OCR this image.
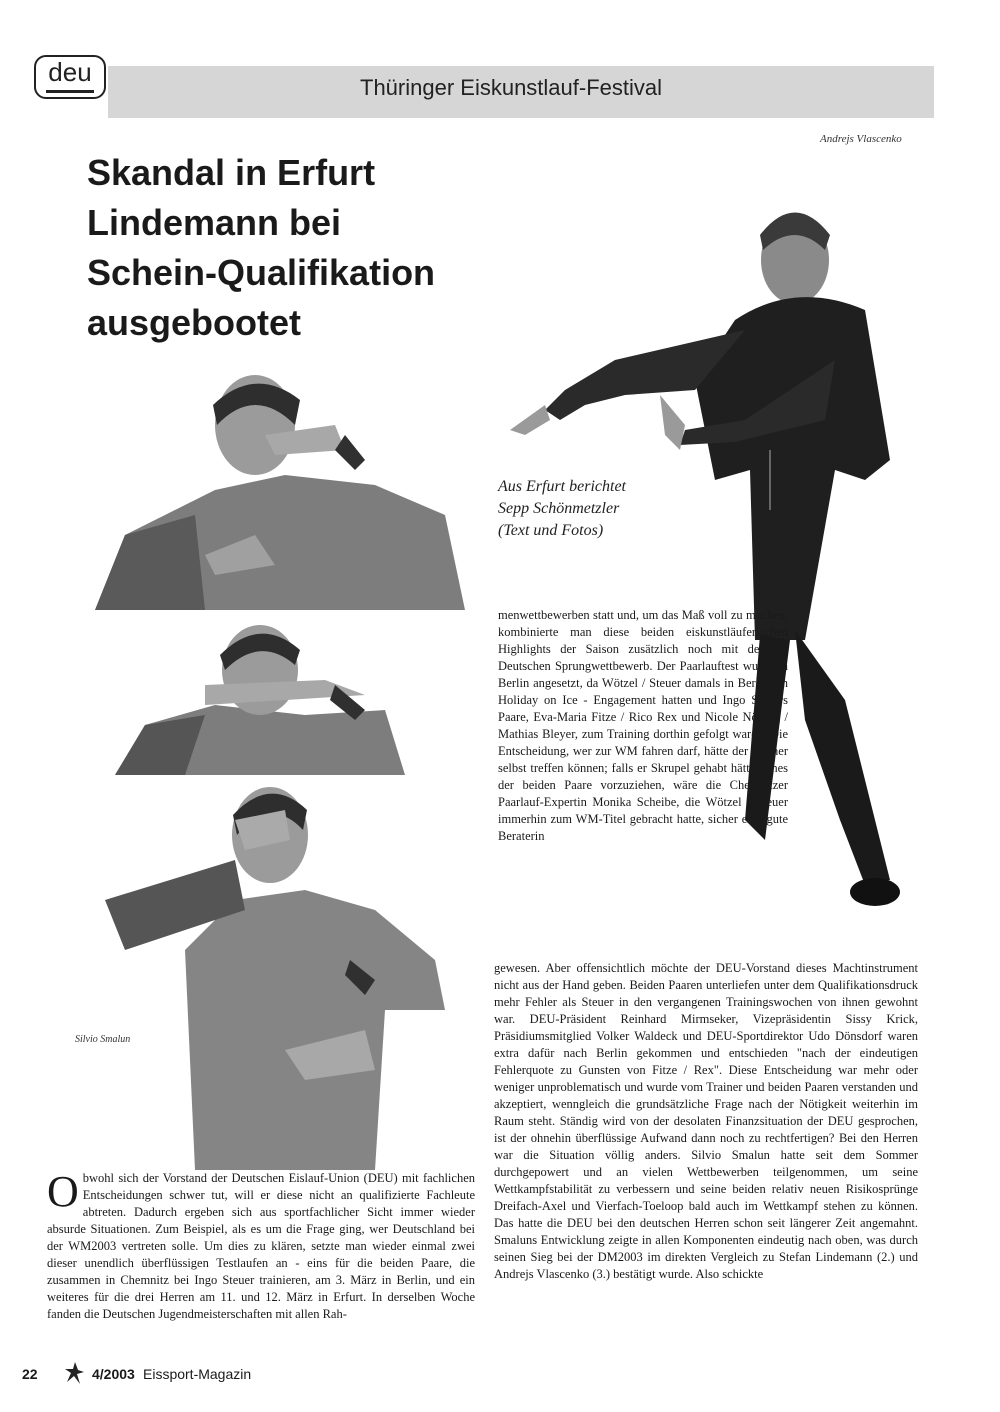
deu
Thüringer Eiskunstlauf-Festival
Andrejs Vlascenko
Skandal in Erfurt
Lindemann bei
Schein-Qualifikation
ausgebootet
Aus Erfurt berichtet
Sepp Schönmetzler
(Text und Fotos)
Silvio Smalun

menwettbewerben statt und, um das Maß voll zu machen, kombinierte man diese beiden eiskunstläuferischen Highlights der Saison zusätzlich noch mit dem 1. Deutschen Sprungwettbewerb. Der Paarlauftest wurde in Berlin angesetzt, da Wötzel / Steuer damals in Berlin ein Holiday on Ice - Engagement hatten und Ingo Steuers Paare, Eva-Maria Fitze / Rico Rex und Nicole Nönnig / Mathias Bleyer, zum Training dorthin gefolgt waren. Die Entscheidung, wer zur WM fahren darf, hätte der Trainer selbst treffen können; falls er Skrupel gehabt hätte, eines der beiden Paare vorzuziehen, wäre die Chemnitzer Paarlauf-Expertin Monika Scheibe, die Wötzel / Steuer immerhin zum WM-Titel gebracht hatte, sicher eine gute Beraterin

gewesen. Aber offensichtlich möchte der DEU-Vorstand dieses Machtinstrument nicht aus der Hand geben. Beiden Paaren unterliefen unter dem Qualifikationsdruck mehr Fehler als Steuer in den vergangenen Trainingswochen von ihnen gewohnt war. DEU-Präsident Reinhard Mirmseker, Vizepräsidentin Sissy Krick, Präsidiumsmitglied Volker Waldeck und DEU-Sportdirektor Udo Dönsdorf waren extra dafür nach Berlin gekommen und entschieden "nach der eindeutigen Fehlerquote zu Gunsten von Fitze / Rex". Diese Entscheidung war mehr oder weniger unproblematisch und wurde vom Trainer und beiden Paaren verstanden und akzeptiert, wenngleich die grundsätzliche Frage nach der Nötigkeit weiterhin im Raum steht. Ständig wird von der desolaten Finanzsituation der DEU gesprochen, ist der ohnehin überflüssige Aufwand dann noch zu rechtfertigen? Bei den Herren war die Situation völlig anders. Silvio Smalun hatte seit dem Sommer durchgepowert und an vielen Wettbewerben teilgenommen, um seine Wettkampfstabilität zu verbessern und seine beiden relativ neuen Risikosprünge Dreifach-Axel und Vierfach-Toeloop bald auch im Wettkampf stehen zu können. Das hatte die DEU bei den deutschen Herren schon seit längerer Zeit angemahnt. Smaluns Entwicklung zeigte in allen Komponenten eindeutig nach oben, was durch seinen Sieg bei der DM2003 im direkten Vergleich zu Stefan Lindemann (2.) und Andrejs Vlascenko (3.) bestätigt wurde. Also schickte

O bwohl sich der Vorstand der Deutschen Eislauf-Union (DEU) mit fachlichen Entscheidungen schwer tut, will er diese nicht an qualifizierte Fachleute abtreten. Dadurch ergeben sich aus sportfachlicher Sicht immer wieder absurde Situationen. Zum Beispiel, als es um die Frage ging, wer Deutschland bei der WM2003 vertreten solle. Um dies zu klären, setzte man wieder einmal zwei dieser unendlich überflüssigen Testlaufen an - eins für die beiden Paare, die zusammen in Chemnitz bei Ingo Steuer trainieren, am 3. März in Berlin, und ein weiteres für die drei Herren am 11. und 12. März in Erfurt. In derselben Woche fanden die Deutschen Jugendmeisterschaften mit allen Rah-

22	4/2003 Eissport-Magazin
